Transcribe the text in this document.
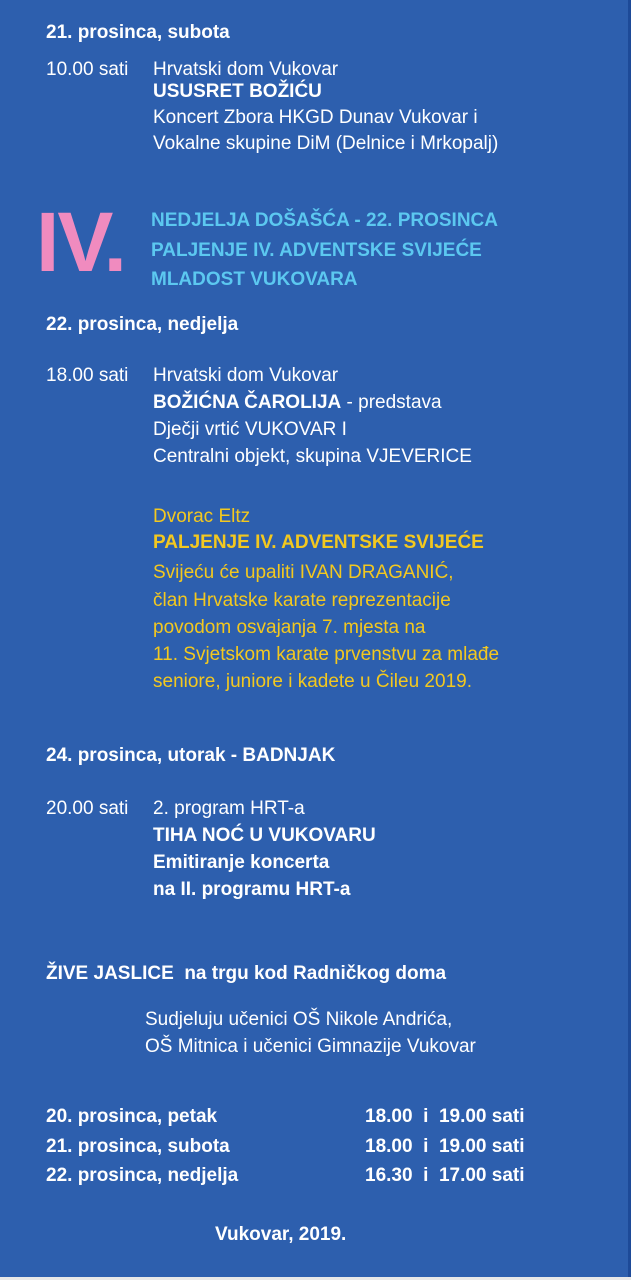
21. prosinca, subota
10.00 sati Hrvatski dom Vukovar
USUSRET BOŽIĆU
Koncert Zbora HKGD Dunav Vukovar i
Vokalne skupine DiM (Delnice i Mrkopalj)
IV. NEDJELJA DOŠAŠĆA - 22. PROSINCA
PALJENJE IV. ADVENTSKE SVIJEĆE
MLADOST VUKOVARA
22. prosinca, nedjelja
18.00 sati Hrvatski dom Vukovar
BOŽIĆNA ČAROLIJA - predstava
Dječji vrtić VUKOVAR I
Centralni objekt, skupina VJEVERICE
Dvorac Eltz
PALJENJE IV. ADVENTSKE SVIJEĆE
Svijeću će upaliti IVAN DRAGANIĆ,
član Hrvatske karate reprezentacije
povodom osvajanja 7. mjesta na
11. Svjetskom karate prvenstvu za mlađe
seniore, juniore i kadete u Čileu 2019.
24. prosinca, utorak - BADNJAK
20.00 sati 2. program HRT-a
TIHA NOĆ U VUKOVARU
Emitiranje koncerta
na II. programu HRT-a
ŽIVE JASLICE na trgu kod Radničkog doma
Sudjeluju učenici OŠ Nikole Andrića,
OŠ Mitnica i učenici Gimnazije Vukovar
20. prosinca, petak	18.00  i  19.00 sati
21. prosinca, subota	18.00  i  19.00 sati
22. prosinca, nedjelja	16.30  i  17.00 sati
Vukovar, 2019.
